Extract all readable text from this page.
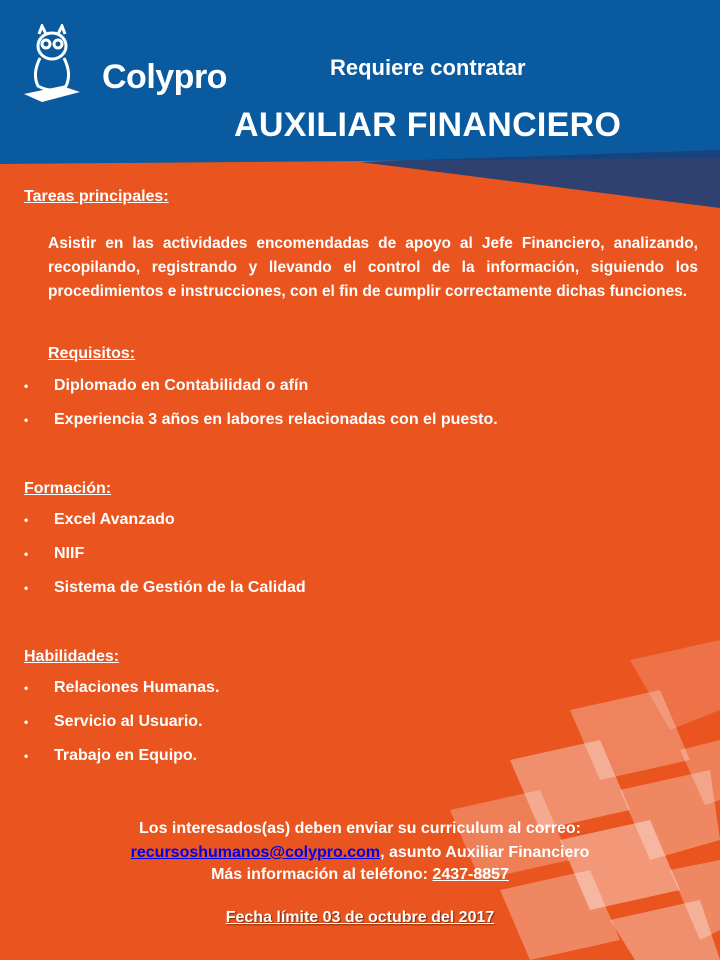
Colypro	Requiere contratar
AUXILIAR FINANCIERO
Tareas principales:
Asistir en las actividades encomendadas de apoyo al Jefe Financiero, analizando, recopilando, registrando y llevando el control de la información, siguiendo los procedimientos e instrucciones, con el fin de cumplir correctamente dichas funciones.
Requisitos:
• Diplomado en Contabilidad o afín
• Experiencia 3 años en labores relacionadas con el puesto.
Formación:
• Excel Avanzado
• NIIF
• Sistema de Gestión de la Calidad
Habilidades:
• Relaciones Humanas.
• Servicio al Usuario.
• Trabajo en Equipo.
Los interesados(as) deben enviar su curriculum al correo:
recursoshumanos@colypro.com, asunto Auxiliar Financiero
Más información al teléfono: 2437-8857
Fecha límite 03 de octubre del 2017
